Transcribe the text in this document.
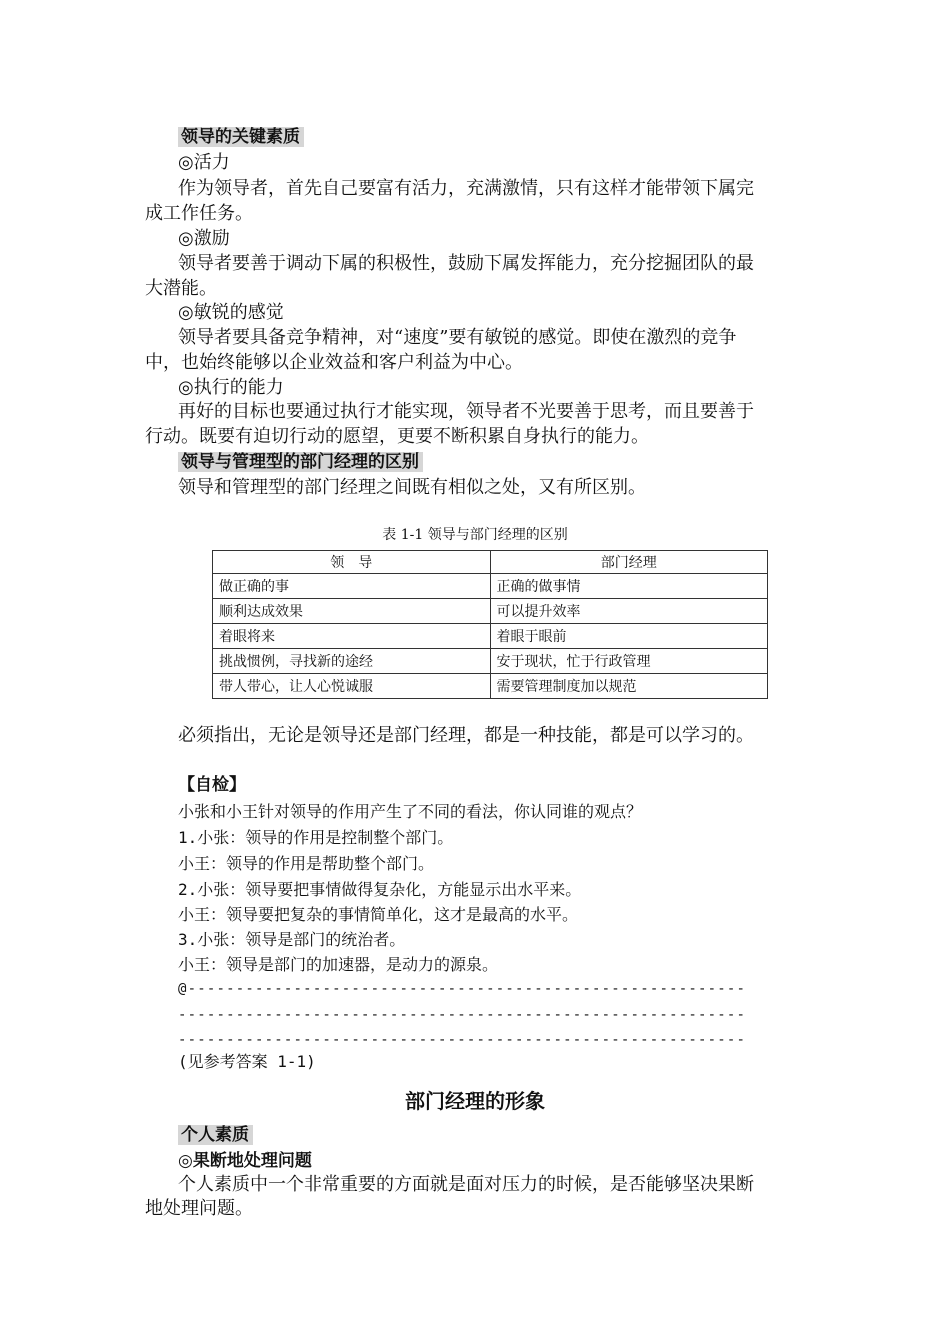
领导的关键素质
◎活力
作为领导者，首先自己要富有活力，充满激情，只有这样才能带领下属完
成工作任务。
◎激励
领导者要善于调动下属的积极性，鼓励下属发挥能力，充分挖掘团队的最
大潜能。
◎敏锐的感觉
领导者要具备竞争精神，对“速度”要有敏锐的感觉。即使在激烈的竞争
中，也始终能够以企业效益和客户利益为中心。
◎执行的能力
再好的目标也要通过执行才能实现，领导者不光要善于思考，而且要善于
行动。既要有迫切行动的愿望，更要不断积累自身执行的能力。
领导与管理型的部门经理的区别
领导和管理型的部门经理之间既有相似之处，又有所区别。
表 1-1 领导与部门经理的区别
领　导	部门经理
做正确的事	正确的做事情
顺利达成效果	可以提升效率
着眼将来	着眼于眼前
挑战惯例，寻找新的途经	安于现状，忙于行政管理
带人带心，让人心悦诚服	需要管理制度加以规范
必须指出，无论是领导还是部门经理，都是一种技能，都是可以学习的。
【自检】
小张和小王针对领导的作用产生了不同的看法，你认同谁的观点？
1.小张：领导的作用是控制整个部门。
小王：领导的作用是帮助整个部门。
2.小张：领导要把事情做得复杂化，方能显示出水平来。
小王：领导要把复杂的事情简单化，这才是最高的水平。
3.小张：领导是部门的统治者。
小王：领导是部门的加速器，是动力的源泉。
@----------------------------------------------------------
-----------------------------------------------------------
-----------------------------------------------------------
(见参考答案 1-1)
部门经理的形象
个人素质
◎果断地处理问题
个人素质中一个非常重要的方面就是面对压力的时候，是否能够坚决果断
地处理问题。
